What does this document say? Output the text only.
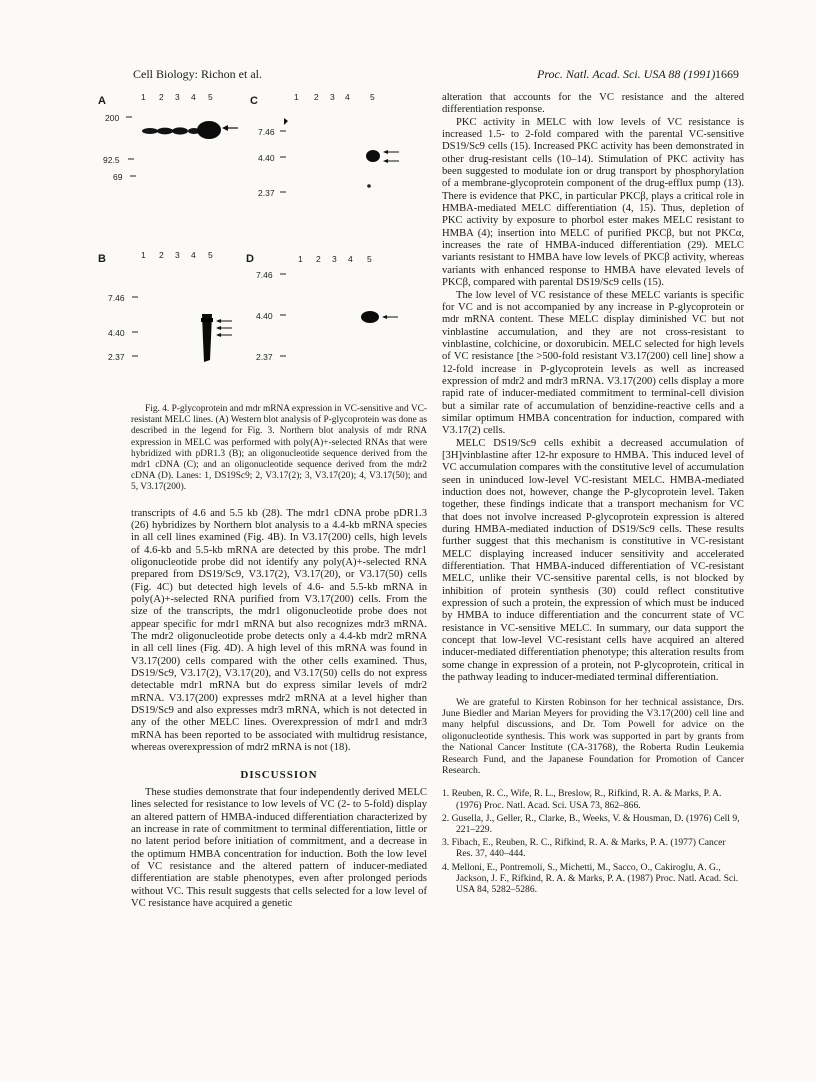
Cell Biology: Richon et al.	Proc. Natl. Acad. Sci. USA 88 (1991) 1669
A	1 2 3 4 5
200
92.5
69
C	1 2 3 4 5
7.46
4.40
2.37
B	1 2 3 4 5
7.46
4.40
2.37
D	1 2 3 4 5
7.46
4.40
2.37

Fig. 4. P-glycoprotein and mdr mRNA expression in VC-sensitive and VC-resistant MELC lines. (A) Western blot analysis of P-glycoprotein was done as described in the legend for Fig. 3. Northern blot analysis of mdr RNA expression in MELC was performed with poly(A)+-selected RNAs that were hybridized with pDR1.3 (B); an oligonucleotide sequence derived from the mdr1 cDNA (C); and an oligonucleotide sequence derived from the mdr2 cDNA (D). Lanes: 1, DS19Sc9; 2, V3.17(2); 3, V3.17(20); 4, V3.17(50); and 5, V3.17(200).

transcripts of 4.6 and 5.5 kb (28). The mdr1 cDNA probe pDR1.3 (26) hybridizes by Northern blot analysis to a 4.4-kb mRNA species in all cell lines examined (Fig. 4B). In V3.17(200) cells, high levels of 4.6-kb and 5.5-kb mRNA are detected by this probe. The mdr1 oligonucleotide probe did not identify any poly(A)+-selected RNA prepared from DS19/Sc9, V3.17(2), V3.17(20), or V3.17(50) cells (Fig. 4C) but detected high levels of 4.6- and 5.5-kb mRNA in poly(A)+-selected RNA purified from V3.17(200) cells. From the size of the transcripts, the mdr1 oligonucleotide probe does not appear specific for mdr1 mRNA but also recognizes mdr3 mRNA. The mdr2 oligonucleotide probe detects only a 4.4-kb mdr2 mRNA in all cell lines (Fig. 4D). A high level of this mRNA was found in V3.17(200) cells compared with the other cells examined. Thus, DS19/Sc9, V3.17(2), V3.17(20), and V3.17(50) cells do not express detectable mdr1 mRNA but do express similar levels of mdr2 mRNA. V3.17(200) expresses mdr2 mRNA at a level higher than DS19/Sc9 and also expresses mdr3 mRNA, which is not detected in any of the other MELC lines. Overexpression of mdr1 and mdr3 mRNA has been reported to be associated with multidrug resistance, whereas overexpression of mdr2 mRNA is not (18).

DISCUSSION

These studies demonstrate that four independently derived MELC lines selected for resistance to low levels of VC (2- to 5-fold) display an altered pattern of HMBA-induced differentiation characterized by an increase in rate of commitment to terminal differentiation, little or no latent period before initiation of commitment, and a decrease in the optimum HMBA concentration for induction. Both the low level of VC resistance and the altered pattern of inducer-mediated differentiation are stable phenotypes, even after prolonged periods without VC. This result suggests that cells selected for a low level of VC resistance have acquired a genetic

alteration that accounts for the VC resistance and the altered differentiation response.

PKC activity in MELC with low levels of VC resistance is increased 1.5- to 2-fold compared with the parental VC-sensitive DS19/Sc9 cells (15). Increased PKC activity has been demonstrated in other drug-resistant cells (10–14). Stimulation of PKC activity has been suggested to modulate ion or drug transport by phosphorylation of a membrane-glycoprotein component of the drug-efflux pump (13). There is evidence that PKC, in particular PKCβ, plays a critical role in HMBA-mediated MELC differentiation (4, 15). Thus, depletion of PKC activity by exposure to phorbol ester makes MELC resistant to HMBA (4); insertion into MELC of purified PKCβ, but not PKCα, increases the rate of HMBA-induced differentiation (29). MELC variants resistant to HMBA have low levels of PKCβ activity, whereas variants with enhanced response to HMBA have elevated levels of PKCβ, compared with parental DS19/Sc9 cells (15).

The low level of VC resistance of these MELC variants is specific for VC and is not accompanied by any increase in P-glycoprotein or mdr mRNA content. These MELC display diminished VC but not vinblastine accumulation, and they are not cross-resistant to vinblastine, colchicine, or doxorubicin. MELC selected for high levels of VC resistance [the >500-fold resistant V3.17(200) cell line] show a 12-fold increase in P-glycoprotein levels as well as increased expression of mdr2 and mdr3 mRNA. V3.17(200) cells display a more rapid rate of inducer-mediated commitment to terminal-cell division but a similar rate of accumulation of benzidine-reactive cells and a similar optimum HMBA concentration for induction, compared with V3.17(2) cells.

MELC DS19/Sc9 cells exhibit a decreased accumulation of [3H]vinblastine after 12-hr exposure to HMBA. This induced level of VC accumulation compares with the constitutive level of accumulation seen in uninduced low-level VC-resistant MELC. HMBA-mediated induction does not, however, change the P-glycoprotein level. Taken together, these findings indicate that a transport mechanism for VC that does not involve increased P-glycoprotein expression is altered during HMBA-mediated induction of DS19/Sc9 cells. These results further suggest that this mechanism is constitutive in VC-resistant MELC displaying increased inducer sensitivity and accelerated differentiation. That HMBA-induced differentiation of VC-resistant MELC, unlike their VC-sensitive parental cells, is not blocked by inhibition of protein synthesis (30) could reflect constitutive expression of such a protein, the expression of which must be induced by HMBA to induce differentiation and the concurrent state of VC resistance in VC-sensitive MELC. In summary, our data support the concept that low-level VC-resistant cells have acquired an altered inducer-mediated differentiation phenotype; this alteration results from some change in expression of a protein, not P-glycoprotein, critical in the pathway leading to inducer-mediated terminal differentiation.

We are grateful to Kirsten Robinson for her technical assistance, Drs. June Biedler and Marian Meyers for providing the V3.17(200) cell line and many helpful discussions, and Dr. Tom Powell for advice on the oligonucleotide synthesis. This work was supported in part by grants from the National Cancer Institute (CA-31768), the Roberta Rudin Leukemia Research Fund, and the Japanese Foundation for Promotion of Cancer Research.

1. Reuben, R. C., Wife, R. L., Breslow, R., Rifkind, R. A. & Marks, P. A. (1976) Proc. Natl. Acad. Sci. USA 73, 862–866.

2. Gusella, J., Geller, R., Clarke, B., Weeks, V. & Housman, D. (1976) Cell 9, 221–229.

3. Fibach, E., Reuben, R. C., Rifkind, R. A. & Marks, P. A. (1977) Cancer Res. 37, 440–444.

4. Melloni, E., Pontremoli, S., Michetti, M., Sacco, O., Cakiroglu, A. G., Jackson, J. F., Rifkind, R. A. & Marks, P. A. (1987) Proc. Natl. Acad. Sci. USA 84, 5282–5286.
